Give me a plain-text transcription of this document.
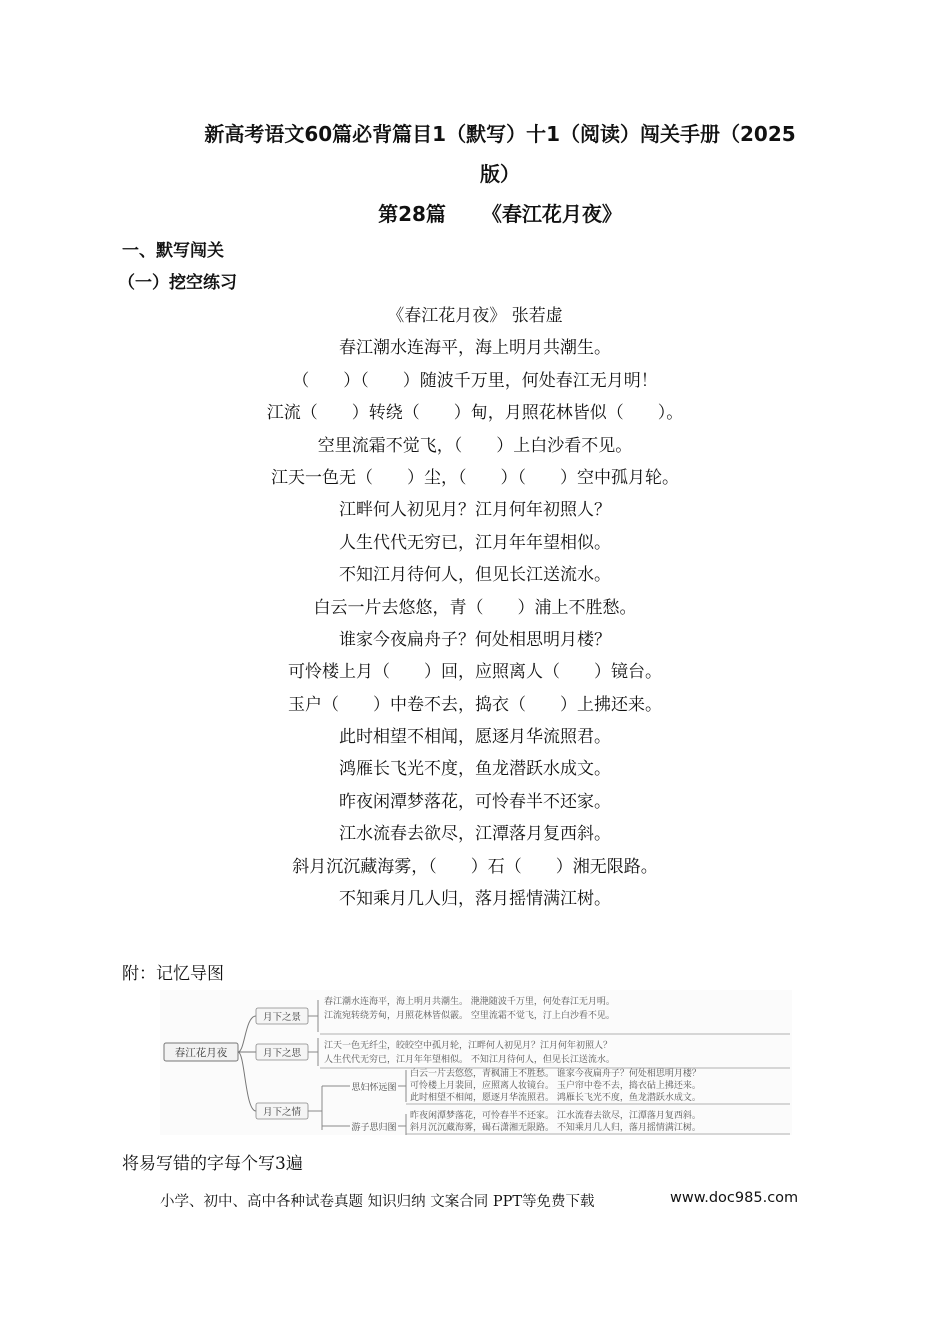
新高考语文60篇必背篇目1（默写）十1（阅读）闯关手册（2025
版）
第28篇 《春江花月夜》
一、默写闯关
（一）挖空练习
《春江花月夜》 张若虚
春江潮水连海平，海上明月共潮生。
（　　）（　　）随波千万里，何处春江无月明！
江流（　　）转绕（　　）甸，月照花林皆似（　　）。
空里流霜不觉飞，（　　）上白沙看不见。
江天一色无（　　）尘，（　　）（　　）空中孤月轮。
江畔何人初见月？江月何年初照人？
人生代代无穷已，江月年年望相似。
不知江月待何人，但见长江送流水。
白云一片去悠悠，青（　　）浦上不胜愁。
谁家今夜扁舟子？何处相思明月楼？
可怜楼上月（　　）回，应照离人（　　）镜台。
玉户（　　）中卷不去，捣衣（　　）上拂还来。
此时相望不相闻，愿逐月华流照君。
鸿雁长飞光不度，鱼龙潜跃水成文。
昨夜闲潭梦落花，可怜春半不还家。
江水流春去欲尽，江潭落月复西斜。
斜月沉沉藏海雾，（　　）石（　　）湘无限路。
不知乘月几人归，落月摇情满江树。
附：记忆导图
春江花月夜
月下之景
月下之思
月下之情
思妇怀远图
游子思归图
春江潮水连海平，海上明月共潮生。 滟滟随波千万里，何处春江无月明。
江流宛转绕芳甸，月照花林皆似霰。 空里流霜不觉飞，汀上白沙看不见。
江天一色无纤尘，皎皎空中孤月轮，江畔何人初见月？江月何年初照人？
人生代代无穷已，江月年年望相似。 不知江月待何人，但见长江送流水。
白云一片去悠悠，青枫浦上不胜愁。 谁家今夜扁舟子？何处相思明月楼？
可怜楼上月裴回，应照离人妆镜台。 玉户帘中卷不去，捣衣砧上拂还来。
此时相望不相闻，愿逐月华流照君。 鸿雁长飞光不度，鱼龙潜跃水成文。
昨夜闲潭梦落花，可怜春半不还家。 江水流春去欲尽，江潭落月复西斜。
斜月沉沉藏海雾，碣石潇湘无限路。 不知乘月几人归，落月摇情满江树。
将易写错的字每个写3遍
小学、初中、高中各种试卷真题 知识归纳 文案合同 PPT等免费下载	www.doc985.com
